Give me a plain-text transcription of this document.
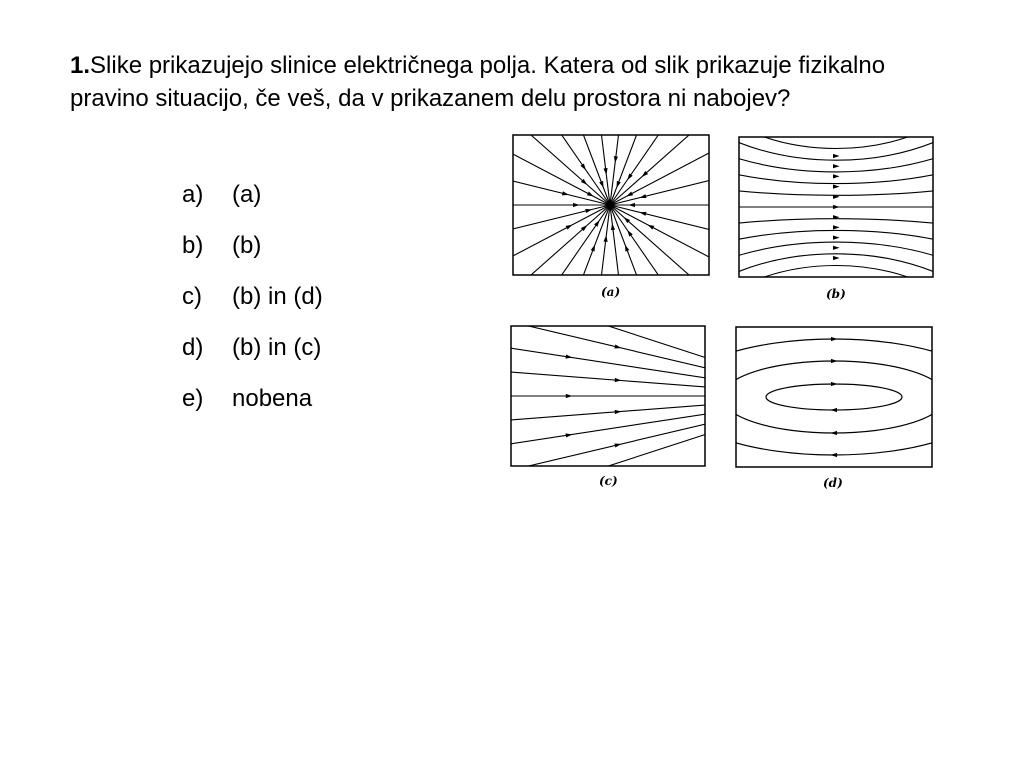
1.Slike prikazujejo slinice električnega polja. Katera od slik prikazuje fizikalno pravino situacijo, če veš, da v prikazanem delu prostora ni nabojev?

a) (a)
b) (b)
c) (b) in (d)
d) (b) in (c)
e) nobena
(a)	(b)
(c)	(d)
